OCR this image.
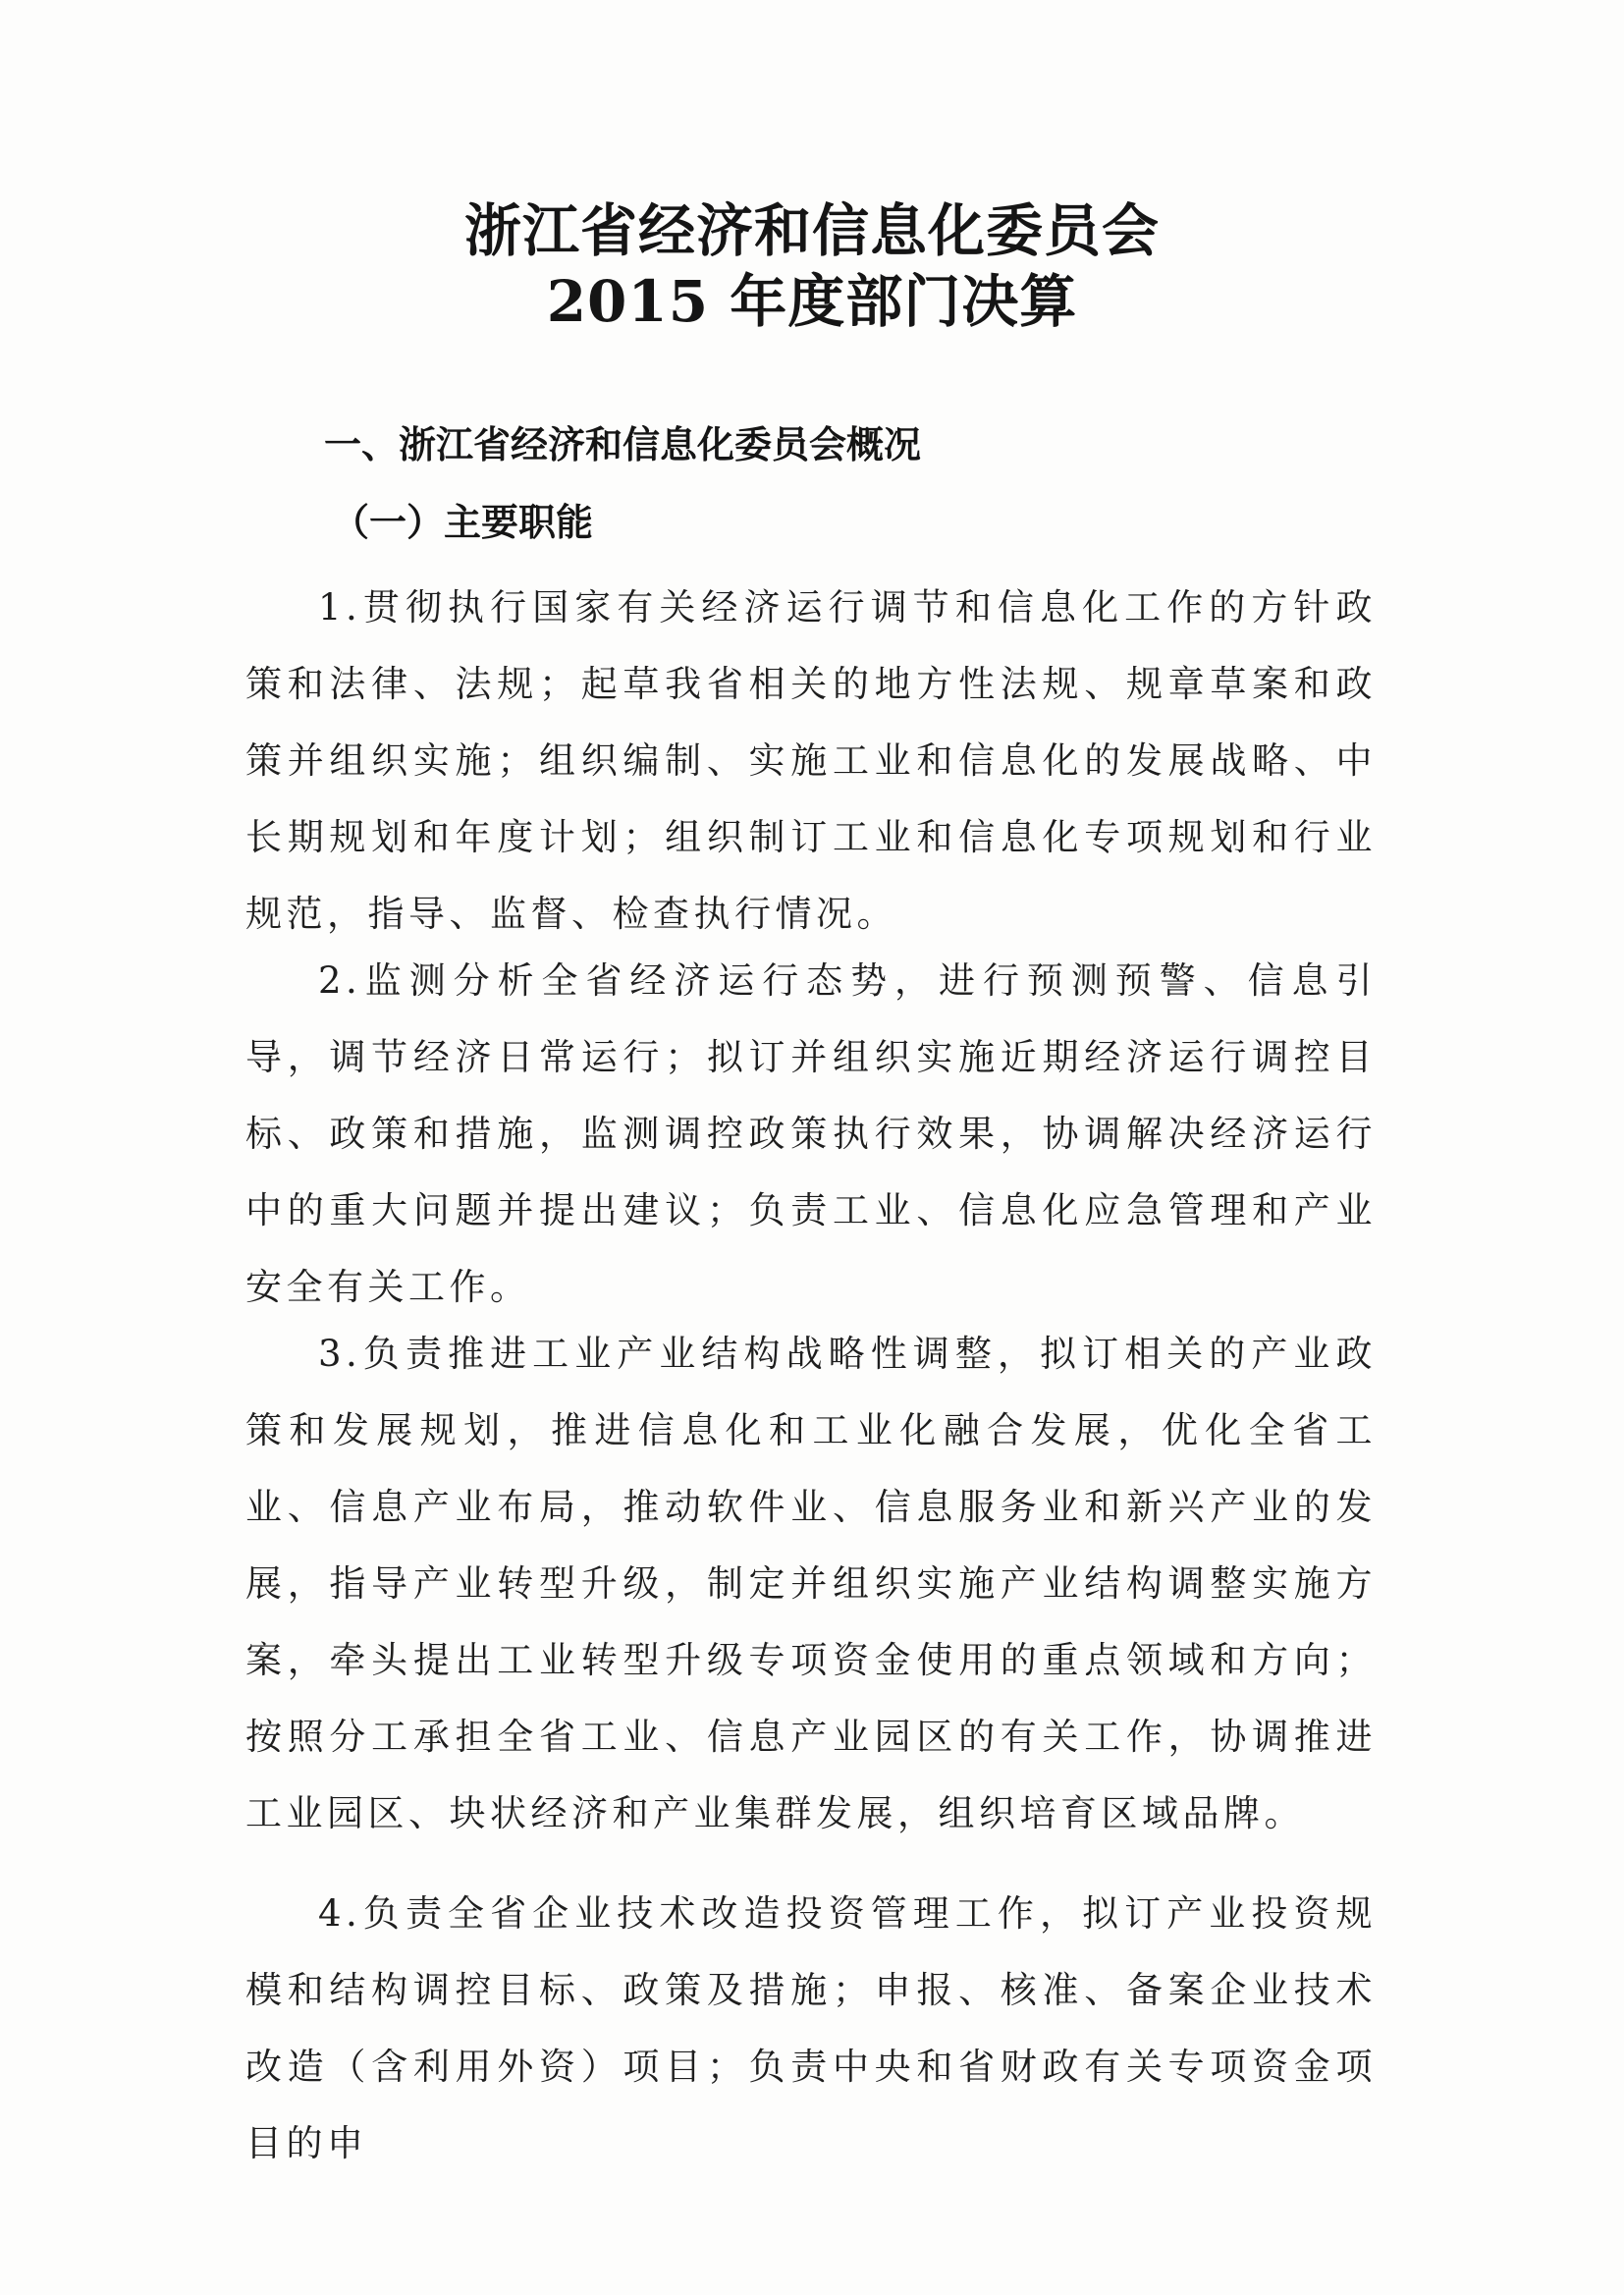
浙江省经济和信息化委员会
2015 年度部门决算
一、浙江省经济和信息化委员会概况
（一）主要职能

1.贯彻执行国家有关经济运行调节和信息化工作的方针政策和法律、法规；起草我省相关的地方性法规、规章草案和政策并组织实施；组织编制、实施工业和信息化的发展战略、中长期规划和年度计划；组织制订工业和信息化专项规划和行业规范，指导、监督、检查执行情况。

2.监测分析全省经济运行态势，进行预测预警、信息引导，调节经济日常运行；拟订并组织实施近期经济运行调控目标、政策和措施，监测调控政策执行效果，协调解决经济运行中的重大问题并提出建议；负责工业、信息化应急管理和产业安全有关工作。

3.负责推进工业产业结构战略性调整，拟订相关的产业政策和发展规划，推进信息化和工业化融合发展，优化全省工业、信息产业布局，推动软件业、信息服务业和新兴产业的发展，指导产业转型升级，制定并组织实施产业结构调整实施方案，牵头提出工业转型升级专项资金使用的重点领域和方向；按照分工承担全省工业、信息产业园区的有关工作，协调推进工业园区、块状经济和产业集群发展，组织培育区域品牌。

4.负责全省企业技术改造投资管理工作，拟订产业投资规模和结构调控目标、政策及措施；申报、核准、备案企业技术改造（含利用外资）项目；负责中央和省财政有关专项资金项目的申
